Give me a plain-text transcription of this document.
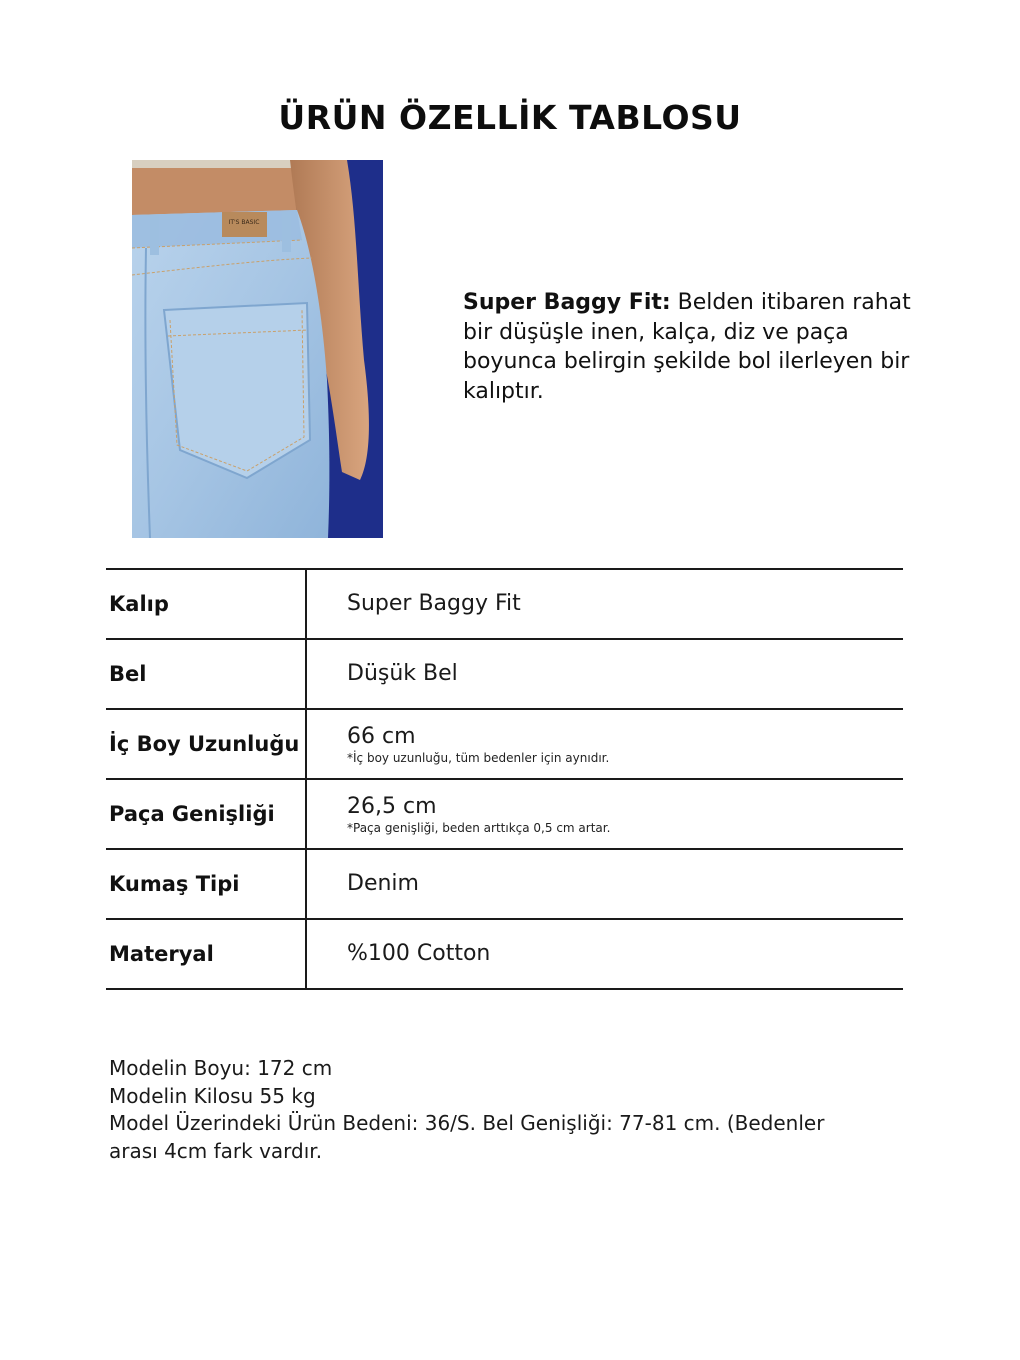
ÜRÜN ÖZELLİK TABLOSU
IT'S BASIC
Super Baggy Fit: Belden itibaren rahat bir düşüşle inen, kalça, diz ve paça boyunca belirgin şekilde bol ilerleyen bir kalıptır.
Kalıp	Super Baggy Fit
Bel	Düşük Bel
İç Boy Uzunluğu	66 cm
*İç boy uzunluğu, tüm bedenler için aynıdır.
Paça Genişliği	26,5 cm
*Paça genişliği, beden arttıkça 0,5 cm artar.
Kumaş Tipi	Denim
Materyal	%100 Cotton
Modelin Boyu: 172 cm
Modelin Kilosu 55 kg
Model Üzerindeki Ürün Bedeni: 36/S. Bel Genişliği: 77-81 cm. (Bedenler
arası 4cm fark vardır.
